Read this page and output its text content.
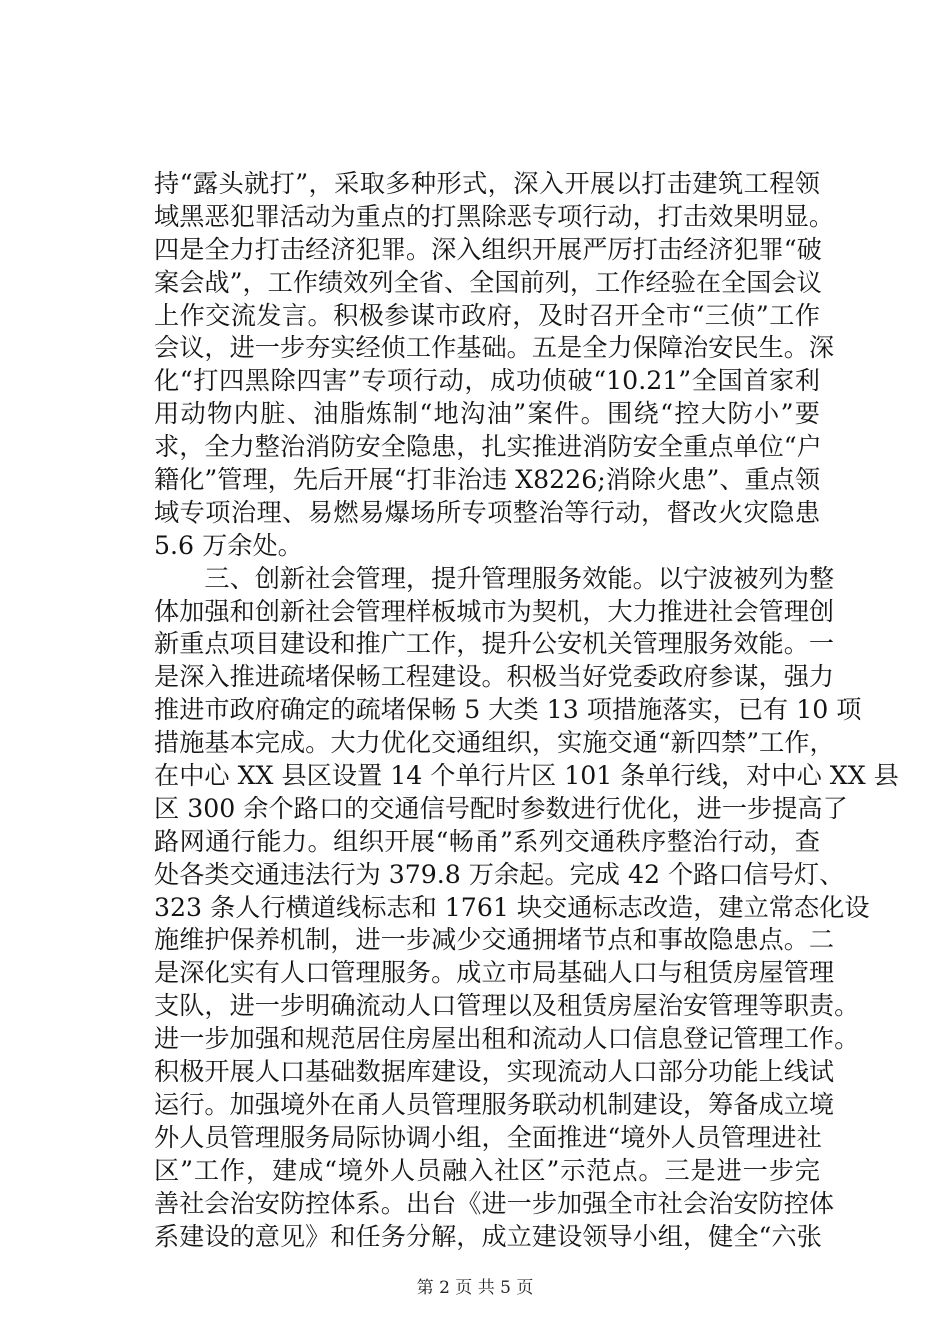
持“露头就打”，采取多种形式，深入开展以打击建筑工程领
域黑恶犯罪活动为重点的打黑除恶专项行动，打击效果明显。
四是全力打击经济犯罪。深入组织开展严厉打击经济犯罪“破
案会战”，工作绩效列全省、全国前列，工作经验在全国会议
上作交流发言。积极参谋市政府，及时召开全市“三侦”工作
会议，进一步夯实经侦工作基础。五是全力保障治安民生。深
化“打四黑除四害”专项行动，成功侦破“10.21”全国首家利
用动物内脏、油脂炼制“地沟油”案件。围绕“控大防小”要
求，全力整治消防安全隐患，扎实推进消防安全重点单位“户
籍化”管理，先后开展“打非治违 X8226;消除火患”、重点领
域专项治理、易燃易爆场所专项整治等行动，督改火灾隐患
5.6 万余处。
　　三、创新社会管理，提升管理服务效能。以宁波被列为整
体加强和创新社会管理样板城市为契机，大力推进社会管理创
新重点项目建设和推广工作，提升公安机关管理服务效能。一
是深入推进疏堵保畅工程建设。积极当好党委政府参谋，强力
推进市政府确定的疏堵保畅 5 大类 13 项措施落实，已有 10 项
措施基本完成。大力优化交通组织，实施交通“新四禁”工作，
在中心 XX 县区设置 14 个单行片区 101 条单行线，对中心 XX 县
区 300 余个路口的交通信号配时参数进行优化，进一步提高了
路网通行能力。组织开展“畅甬”系列交通秩序整治行动，查
处各类交通违法行为 379.8 万余起。完成 42 个路口信号灯、
323 条人行横道线标志和 1761 块交通标志改造，建立常态化设
施维护保养机制，进一步减少交通拥堵节点和事故隐患点。二
是深化实有人口管理服务。成立市局基础人口与租赁房屋管理
支队，进一步明确流动人口管理以及租赁房屋治安管理等职责。
进一步加强和规范居住房屋出租和流动人口信息登记管理工作。
积极开展人口基础数据库建设，实现流动人口部分功能上线试
运行。加强境外在甬人员管理服务联动机制建设，筹备成立境
外人员管理服务局际协调小组，全面推进“境外人员管理进社
区”工作，建成“境外人员融入社区”示范点。三是进一步完
善社会治安防控体系。出台《进一步加强全市社会治安防控体
系建设的意见》和任务分解，成立建设领导小组，健全“六张
第 2 页 共 5 页
